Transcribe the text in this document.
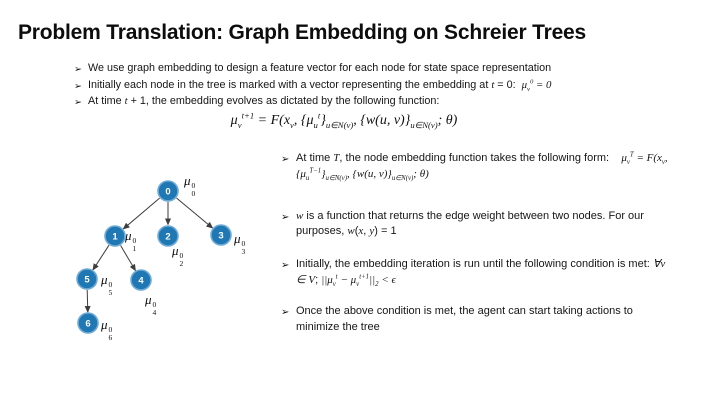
Problem Translation: Graph Embedding on Schreier Trees
➢ We use graph embedding to design a feature vector for each node for state space representation
➢ Initially each node in the tree is marked with a vector representing the embedding at t = 0:  $\mu_v^0 = 0$
➢ At time t + 1, the embedding evolves as dictated by the following function:
$\mu_v^{t+1} = F(x_v$, $\{\mu_u^t\}_{u\in N(v)}$, {w(u, $v)\}_{u\in N(v)}$; θ)
0
1	2	3
4
5
6
μ 0
0
μ 0
1	μ 0
2
μ 0
3
μ 0
4
μ 0
5
μ 0
6
➢ At time T, the node embedding function takes the following form:    $\mu_v^T = F(x_v$, $\{\mu_u^{T-1}\}_{u\in N(v)}$, {w(u, $v)\}_{u\in N(v)}$; θ)
➢ w is a function that returns the edge weight between two nodes. For our purposes, w(x, y) = 1
➢ Initially, the embedding iteration is run until the following condition is met: ∀v ∈ V; $||\mu_v^t - \mu_v^{t+1}||_2 < \epsilon$
➢ Once the above condition is met, the agent can start taking actions to minimize the tree
